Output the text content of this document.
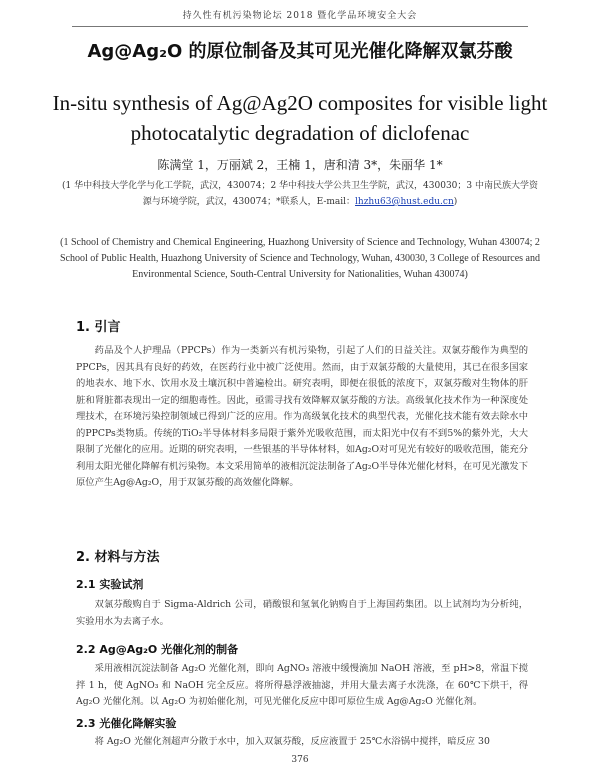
持久性有机污染物论坛 2018 暨化学品环境安全大会
Ag@Ag₂O 的原位制备及其可见光催化降解双氯芬酸
In-situ synthesis of Ag@Ag2O composites for visible light photocatalytic degradation of diclofenac
陈满堂 1，万丽斌 2，王楠 1，唐和清 3*，朱丽华 1*
(1 华中科技大学化学与化工学院，武汉，430074；2 华中科技大学公共卫生学院，武汉，430030；3 中南民族大学资源与环境学院，武汉，430074；*联系人，E-mail：lhzhu63@hust.edu.cn)
(1 School of Chemistry and Chemical Engineering, Huazhong University of Science and Technology, Wuhan 430074; 2 School of Public Health, Huazhong University of Science and Technology, Wuhan, 430030, 3 College of Resources and Environmental Science, South-Central University for Nationalities, Wuhan 430074)
1. 引言
药品及个人护理品（PPCPs）作为一类新兴有机污染物，引起了人们的日益关注。双氯芬酸作为典型的PPCPs，因其具有良好的药效，在医药行业中被广泛使用。然而，由于双氯芬酸的大量使用，其已在很多国家的地表水、地下水、饮用水及土壤沉积中普遍检出。研究表明，即便在很低的浓度下，双氯芬酸对生物体的肝脏和肾脏都表现出一定的细胞毒性。因此，亟需寻找有效降解双氯芬酸的方法。高级氧化技术作为一种深度处理技术，在环境污染控制领域已得到广泛的应用。作为高级氧化技术的典型代表，光催化技术能有效去除水中的PPCPs类物质。传统的TiO₂半导体材料多局限于紫外光吸收范围，而太阳光中仅有不到5%的紫外光，大大限制了光催化的应用。近期的研究表明，一些银基的半导体材料，如Ag₂O对可见光有较好的吸收范围，能充分利用太阳光催化降解有机污染物。本文采用简单的液相沉淀法制备了Ag₂O半导体光催化材料，在可见光激发下原位产生Ag@Ag₂O，用于双氯芬酸的高效催化降解。
2. 材料与方法
2.1 实验试剂
双氯芬酸购自于 Sigma-Aldrich 公司，硝酸银和氢氧化钠购自于上海国药集团。以上试剂均为分析纯，实验用水为去离子水。
2.2 Ag@Ag₂O 光催化剂的制备
采用液相沉淀法制备 Ag₂O 光催化剂，即向 AgNO₃ 溶液中缓慢滴加 NaOH 溶液，至 pH>8，常温下搅拌 1 h，使 AgNO₃ 和 NaOH 完全反应。将所得悬浮液抽滤，并用大量去离子水洗涤，在 60℃下烘干，得 Ag₂O 光催化剂。以 Ag₂O 为初始催化剂，可见光催化反应中即可原位生成 Ag@Ag₂O 光催化剂。
2.3 光催化降解实验
将 Ag₂O 光催化剂超声分散于水中，加入双氯芬酸，反应液置于 25℃水浴锅中搅拌，暗反应 30
376
